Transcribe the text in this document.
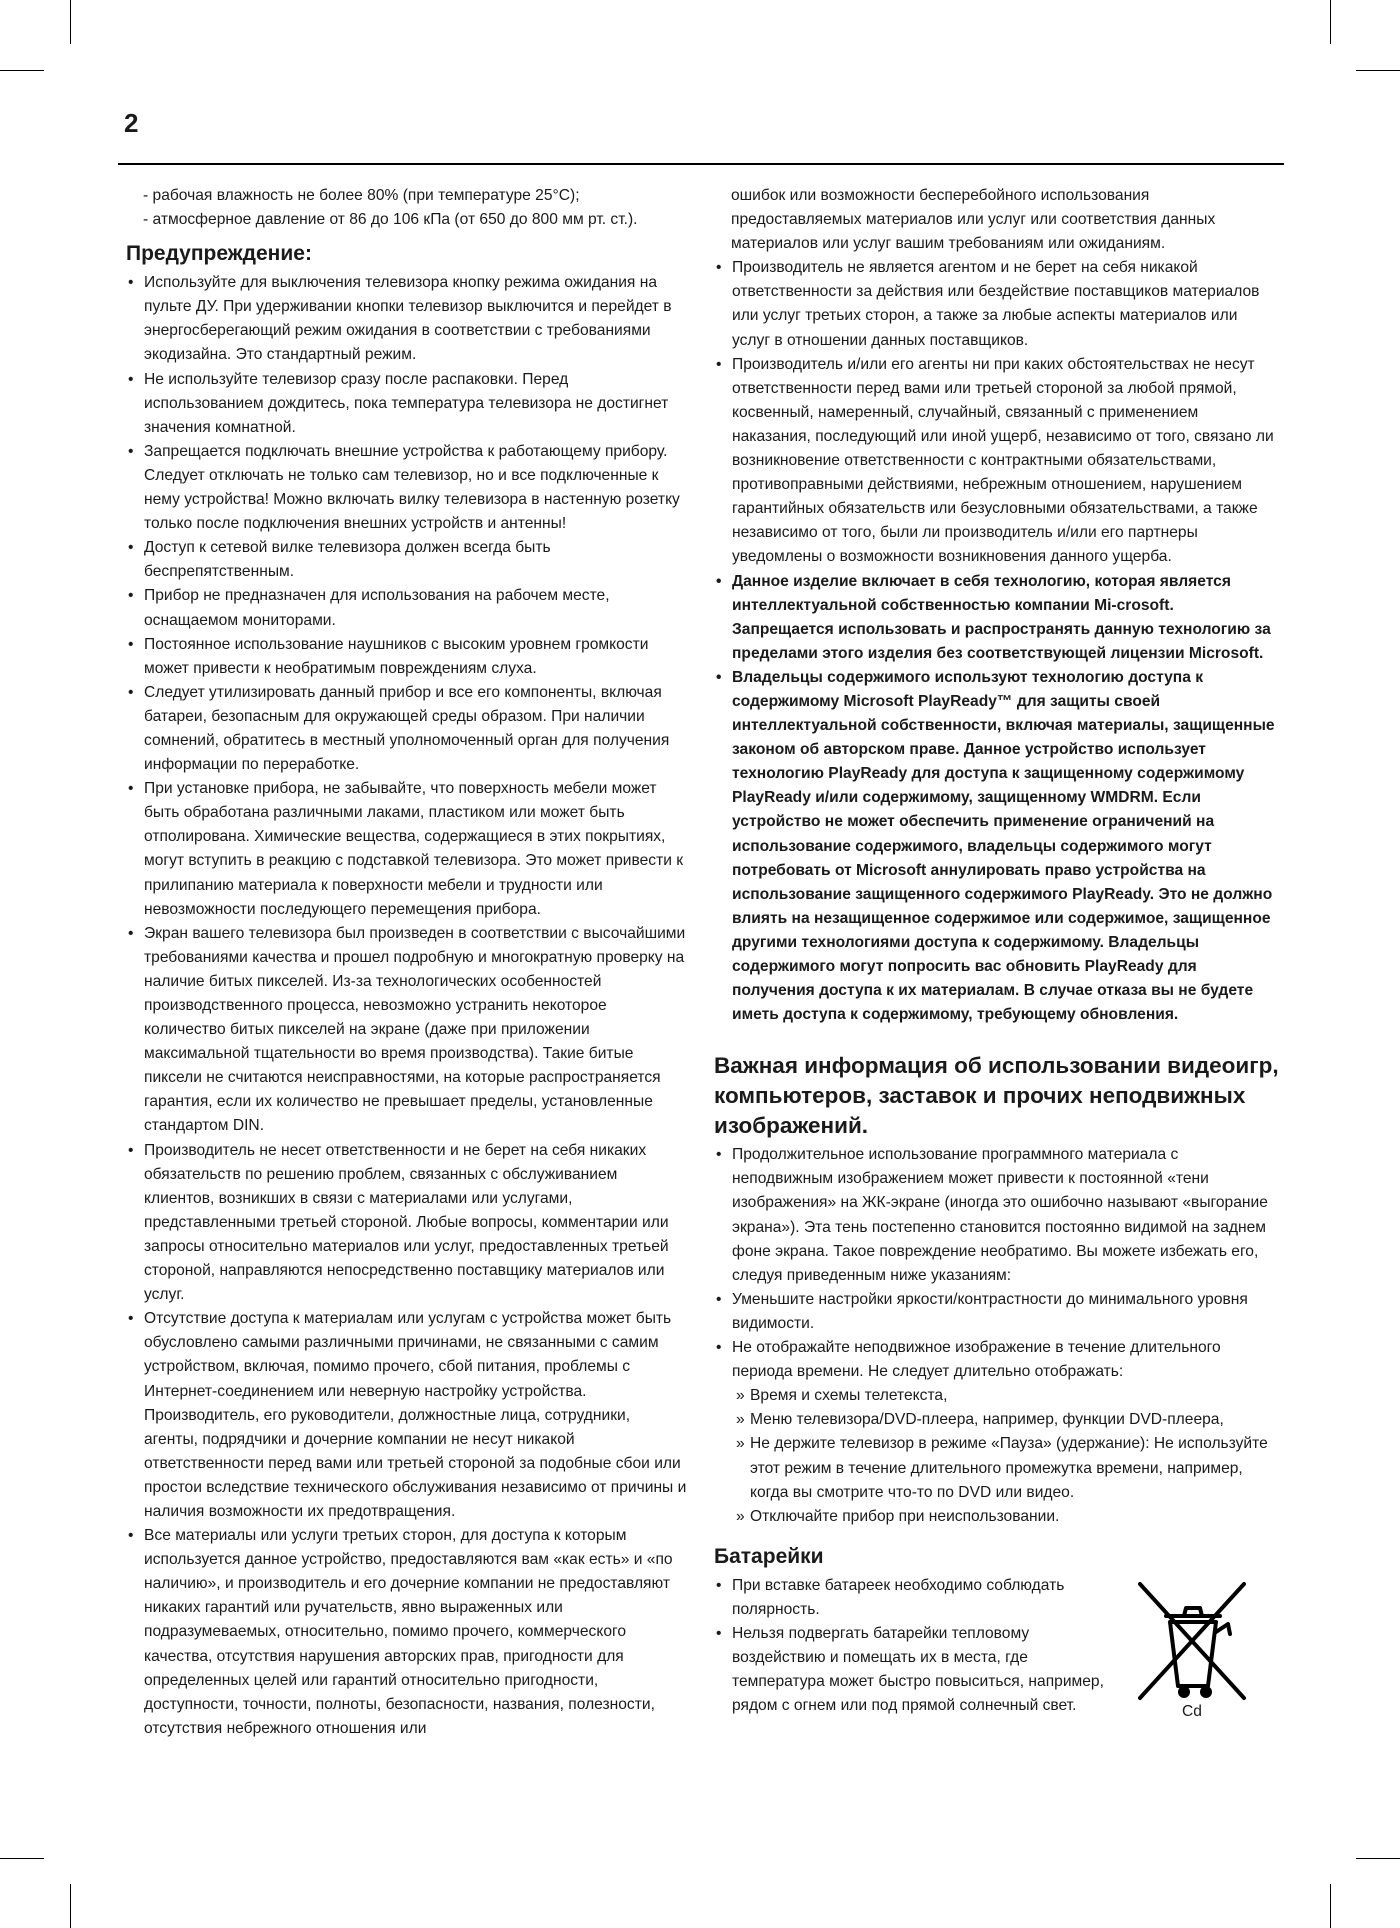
2

- рабочая влажность не более 80% (при температуре 25°С);
- атмосферное давление от 86 до 106 кПа (от 650 до 800 мм рт. ст.).
Предупреждение:
• Используйте для выключения телевизора кнопку режима ожидания на пульте ДУ. При удерживании кнопки телевизор выключится и перейдет в энергосберегающий режим ожидания в соответствии с требованиями экодизайна. Это стандартный режим.
• Не используйте телевизор сразу после распаковки. Перед использованием дождитесь, пока температура телевизора не достигнет значения комнатной.
• Запрещается подключать внешние устройства к работающему прибору. Следует отключать не только сам телевизор, но и все подключенные к нему устройства! Можно включать вилку телевизора в настенную розетку только после подключения внешних устройств и антенны!
• Доступ к сетевой вилке телевизора должен всегда быть беспрепятственным.
• Прибор не предназначен для использования на рабочем месте, оснащаемом мониторами.
• Постоянное использование наушников с высоким уровнем громкости может привести к необратимым повреждениям слуха.
• Следует утилизировать данный прибор и все его компоненты, включая батареи, безопасным для окружающей среды образом. При наличии сомнений, обратитесь в местный уполномоченный орган для получения информации по переработке.
• При установке прибора, не забывайте, что поверхность мебели может быть обработана различными лаками, пластиком или может быть отполирована. Химические вещества, содержащиеся в этих покрытиях, могут вступить в реакцию с подставкой телевизора. Это может привести к прилипанию материала к поверхности мебели и трудности или невозможности последующего перемещения прибора.
• Экран вашего телевизора был произведен в соответствии с высочайшими требованиями качества и прошел подробную и многократную проверку на наличие битых пикселей. Из-за технологических особенностей производственного процесса, невозможно устранить некоторое количество битых пикселей на экране (даже при приложении максимальной тщательности во время производства). Такие битые пиксели не считаются неисправностями, на которые распространяется гарантия, если их количество не превышает пределы, установленные стандартом DIN.
• Производитель не несет ответственности и не берет на себя никаких обязательств по решению проблем, связанных с обслуживанием клиентов, возникших в связи с материалами или услугами, представленными третьей стороной. Любые вопросы, комментарии или запросы относительно материалов или услуг, предоставленных третьей стороной, направляются непосредственно поставщику материалов или услуг.
• Отсутствие доступа к материалам или услугам с устройства может быть обусловлено самыми различными причинами, не связанными с самим устройством, включая, помимо прочего, сбой питания, проблемы с Интернет-соединением или неверную настройку устройства. Производитель, его руководители, должностные лица, сотрудники, агенты, подрядчики и дочерние компании не несут никакой ответственности перед вами или третьей стороной за подобные сбои или простои вследствие технического обслуживания независимо от причины и наличия возможности их предотвращения.
• Все материалы или услуги третьих сторон, для доступа к которым используется данное устройство, предоставляются вам «как есть» и «по наличию», и производитель и его дочерние компании не предоставляют никаких гарантий или ручательств, явно выраженных или подразумеваемых, относительно, помимо прочего, коммерческого качества, отсутствия нарушения авторских прав, пригодности для определенных целей или гарантий относительно пригодности, доступности, точности, полноты, безопасности, названия, полезности, отсутствия небрежного отношения или
ошибок или возможности бесперебойного использования предоставляемых материалов или услуг или соответствия данных материалов или услуг вашим требованиям или ожиданиям.
• Производитель не является агентом и не берет на себя никакой ответственности за действия или бездействие поставщиков материалов или услуг третьих сторон, а также за любые аспекты материалов или услуг в отношении данных поставщиков.
• Производитель и/или его агенты ни при каких обстоятельствах не несут ответственности перед вами или третьей стороной за любой прямой, косвенный, намеренный, случайный, связанный с применением наказания, последующий или иной ущерб, независимо от того, связано ли возникновение ответственности с контрактными обязательствами, противоправными действиями, небрежным отношением, нарушением гарантийных обязательств или безусловными обязательствами, а также независимо от того, были ли производитель и/или его партнеры уведомлены о возможности возникновения данного ущерба.
• Данное изделие включает в себя технологию, которая является интеллектуальной собственностью компании Mi-crosoft. Запрещается использовать и распространять данную технологию за пределами этого изделия без соответствующей лицензии Microsoft.
• Владельцы содержимого используют технологию доступа к содержимому Microsoft PlayReady™ для защиты своей интеллектуальной собственности, включая материалы, защищенные законом об авторском праве. Данное устройство использует технологию PlayReady для доступа к защищенному содержимому PlayReady и/или содержимому, защищенному WMDRM. Если устройство не может обеспечить применение ограничений на использование содержимого, владельцы содержимого могут потребовать от Microsoft аннулировать право устройства на использование защищенного содержимого PlayReady. Это не должно влиять на незащищенное содержимое или содержимое, защищенное другими технологиями доступа к содержимому. Владельцы содержимого могут попросить вас обновить PlayReady для получения доступа к их материалам. В случае отказа вы не будете иметь доступа к содержимому, требующему обновления.
Важная информация об использовании видеоигр, компьютеров, заставок и прочих неподвижных изображений.
• Продолжительное использование программного материала с неподвижным изображением может привести к постоянной «тени изображения» на ЖК-экране (иногда это ошибочно называют «выгорание экрана»). Эта тень постепенно становится постоянно видимой на заднем фоне экрана. Такое повреждение необратимо. Вы можете избежать его, следуя приведенным ниже указаниям:
• Уменьшите настройки яркости/контрастности до минимального уровня видимости.
• Не отображайте неподвижное изображение в течение длительного периода времени. Не следует длительно отображать:
» Время и схемы телетекста,
» Меню телевизора/DVD-плеера, например, функции DVD-плеера,
» Не держите телевизор в режиме «Пауза» (удержание): Не используйте этот режим в течение длительного промежутка времени, например, когда вы смотрите что-то по DVD или видео.
» Отключайте прибор при неиспользовании.
Батарейки
• При вставке батареек необходимо соблюдать полярность.
• Нельзя подвергать батарейки тепловому воздействию и помещать их в места, где температура может быстро повыситься, например, рядом с огнем или под прямой солнечный свет.	Cd
